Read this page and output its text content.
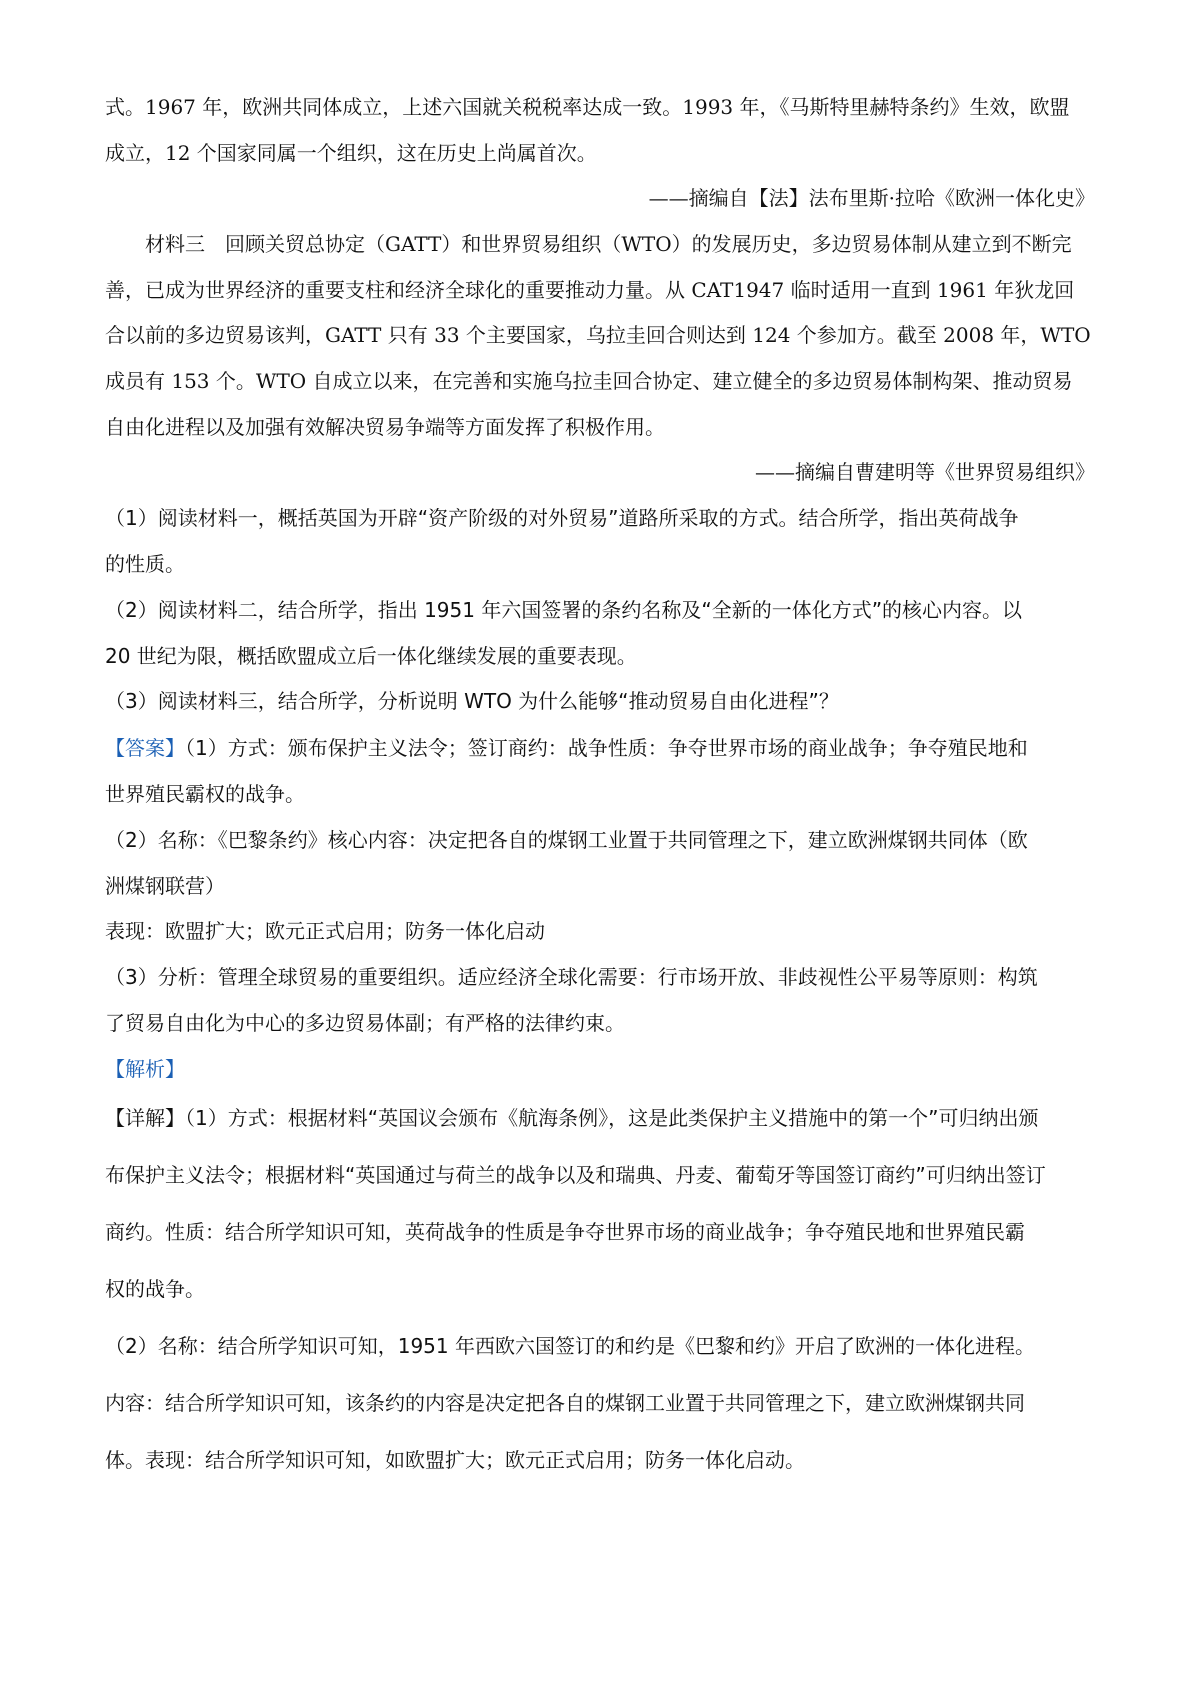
式。1967 年，欧洲共同体成立，上述六国就关税税率达成一致。1993 年，《马斯特里赫特条约》生效，欧盟
成立，12 个国家同属一个组织，这在历史上尚属首次。
——摘编自【法】法布里斯·拉哈《欧洲一体化史》
材料三　回顾关贸总协定（GATT）和世界贸易组织（WTO）的发展历史，多边贸易体制从建立到不断完
善，已成为世界经济的重要支柱和经济全球化的重要推动力量。从 CAT1947 临时适用一直到 1961 年狄龙回
合以前的多边贸易该判，GATT 只有 33 个主要国家，乌拉圭回合则达到 124 个参加方。截至 2008 年，WTO
成员有 153 个。WTO 自成立以来，在完善和实施乌拉圭回合协定、建立健全的多边贸易体制构架、推动贸易
自由化进程以及加强有效解决贸易争端等方面发挥了积极作用。
——摘编自曹建明等《世界贸易组织》
（1）阅读材料一，概括英国为开辟“资产阶级的对外贸易”道路所采取的方式。结合所学，指出英荷战争
的性质。
（2）阅读材料二，结合所学，指出 1951 年六国签署的条约名称及“全新的一体化方式”的核心内容。以
20 世纪为限，概括欧盟成立后一体化继续发展的重要表现。
（3）阅读材料三，结合所学，分析说明 WTO 为什么能够“推动贸易自由化进程”？
【答案】（1）方式：颁布保护主义法令；签订商约：战争性质：争夺世界市场的商业战争；争夺殖民地和
世界殖民霸权的战争。
（2）名称：《巴黎条约》核心内容：决定把各自的煤钢工业置于共同管理之下，建立欧洲煤钢共同体（欧
洲煤钢联营）
表现：欧盟扩大；欧元正式启用；防务一体化启动
（3）分析：管理全球贸易的重要组织。适应经济全球化需要：行市场开放、非歧视性公平易等原则：构筑
了贸易自由化为中心的多边贸易体副；有严格的法律约束。
【解析】
【详解】（1）方式：根据材料“英国议会颁布《航海条例》，这是此类保护主义措施中的第一个”可归纳出颁
布保护主义法令；根据材料“英国通过与荷兰的战争以及和瑞典、丹麦、葡萄牙等国签订商约”可归纳出签订
商约。性质：结合所学知识可知，英荷战争的性质是争夺世界市场的商业战争；争夺殖民地和世界殖民霸
权的战争。
（2）名称：结合所学知识可知，1951 年西欧六国签订的和约是《巴黎和约》开启了欧洲的一体化进程。
内容：结合所学知识可知，该条约的内容是决定把各自的煤钢工业置于共同管理之下，建立欧洲煤钢共同
体。表现：结合所学知识可知，如欧盟扩大；欧元正式启用；防务一体化启动。
